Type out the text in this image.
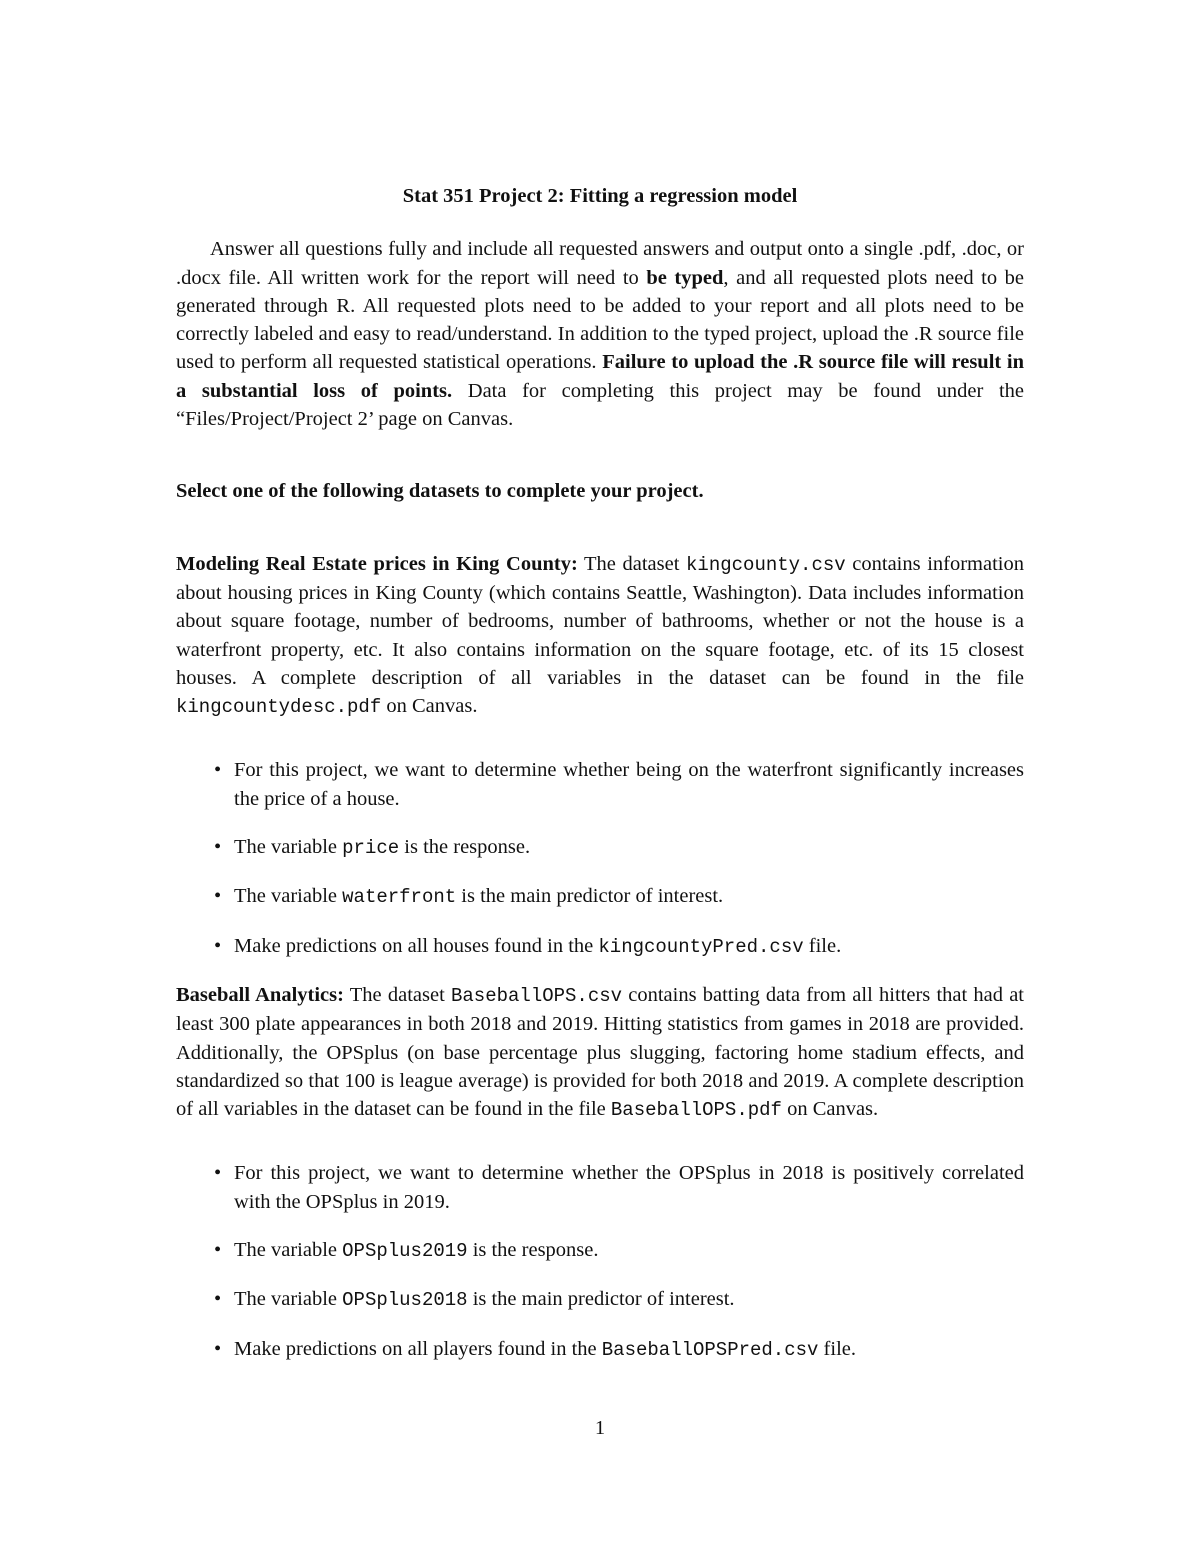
Stat 351 Project 2: Fitting a regression model

Answer all questions fully and include all requested answers and output onto a single .pdf, .doc, or .docx file. All written work for the report will need to be typed, and all requested plots need to be generated through R. All requested plots need to be added to your report and all plots need to be correctly labeled and easy to read/understand. In addition to the typed project, upload the .R source file used to perform all requested statistical operations. Failure to upload the .R source file will result in a substantial loss of points. Data for completing this project may be found under the “Files/Project/Project 2’ page on Canvas.

Select one of the following datasets to complete your project.

Modeling Real Estate prices in King County: The dataset kingcounty.csv contains information about housing prices in King County (which contains Seattle, Washington). Data includes information about square footage, number of bedrooms, number of bathrooms, whether or not the house is a waterfront property, etc. It also contains information on the square footage, etc. of its 15 closest houses. A complete description of all variables in the dataset can be found in the file kingcountydesc.pdf on Canvas.

• For this project, we want to determine whether being on the waterfront significantly increases the price of a house.
• The variable price is the response.
• The variable waterfront is the main predictor of interest.
• Make predictions on all houses found in the kingcountyPred.csv file.

Baseball Analytics: The dataset BaseballOPS.csv contains batting data from all hitters that had at least 300 plate appearances in both 2018 and 2019. Hitting statistics from games in 2018 are provided. Additionally, the OPSplus (on base percentage plus slugging, factoring home stadium effects, and standardized so that 100 is league average) is provided for both 2018 and 2019. A complete description of all variables in the dataset can be found in the file BaseballOPS.pdf on Canvas.

• For this project, we want to determine whether the OPSplus in 2018 is positively correlated with the OPSplus in 2019.
• The variable OPSplus2019 is the response.
• The variable OPSplus2018 is the main predictor of interest.
• Make predictions on all players found in the BaseballOPSPred.csv file.
1
